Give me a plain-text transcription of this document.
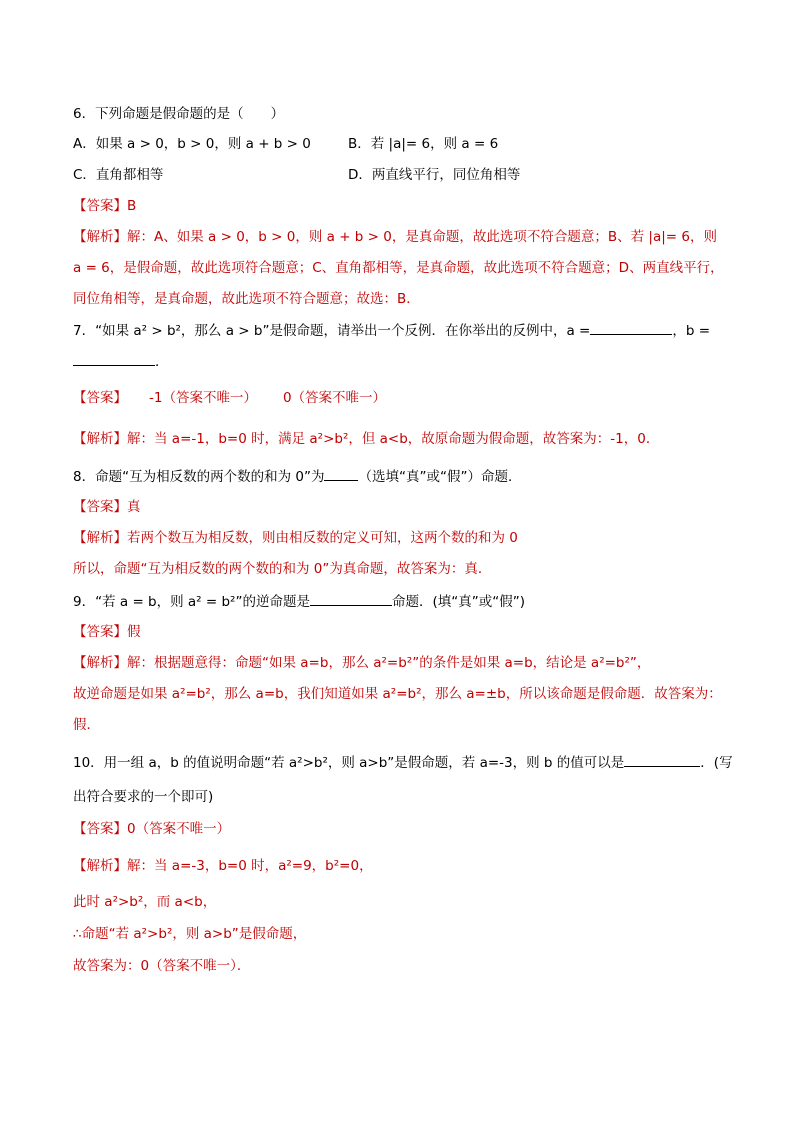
6．下列命题是假命题的是（　　）
A．如果 a > 0，b > 0，则 a + b > 0	B．若 |a|= 6，则 a = 6
C．直角都相等	D．两直线平行，同位角相等
【答案】B
【解析】解：A、如果 a > 0，b > 0，则 a + b > 0，是真命题，故此选项不符合题意；B、若 |a|= 6，则
a = 6，是假命题，故此选项符合题意；C、直角都相等，是真命题，故此选项不符合题意；D、两直线平行，
同位角相等，是真命题，故此选项不符合题意；故选：B．
7．“如果 a² > b²，那么 a > b”是假命题，请举出一个反例．在你举出的反例中，a =	，b =
．
【答案】 -1（答案不唯一） 0（答案不唯一）
【解析】解：当 a=-1，b=0 时，满足 a²>b²，但 a<b，故原命题为假命题，故答案为：-1，0．
8．命题“互为相反数的两个数的和为 0”为	（选填“真”或“假”）命题．
【答案】真
【解析】若两个数互为相反数，则由相反数的定义可知，这两个数的和为 0
所以，命题“互为相反数的两个数的和为 0”为真命题，故答案为：真．
9．“若 a = b，则 a² = b²”的逆命题是	命题．(填“真”或“假”)
【答案】假
【解析】解：根据题意得：命题“如果 a=b，那么 a²=b²”的条件是如果 a=b，结论是 a²=b²”，
故逆命题是如果 a²=b²，那么 a=b，我们知道如果 a²=b²，那么 a=±b，所以该命题是假命题．故答案为：
假．
10．用一组 a，b 的值说明命题“若 a²>b²，则 a>b”是假命题，若 a=-3，则 b 的值可以是	．(写
出符合要求的一个即可)
【答案】0（答案不唯一）
【解析】解：当 a=-3，b=0 时，a²=9，b²=0，
此时 a²>b²，而 a<b，
∴命题“若 a²>b²，则 a>b”是假命题，
故答案为：0（答案不唯一）．
